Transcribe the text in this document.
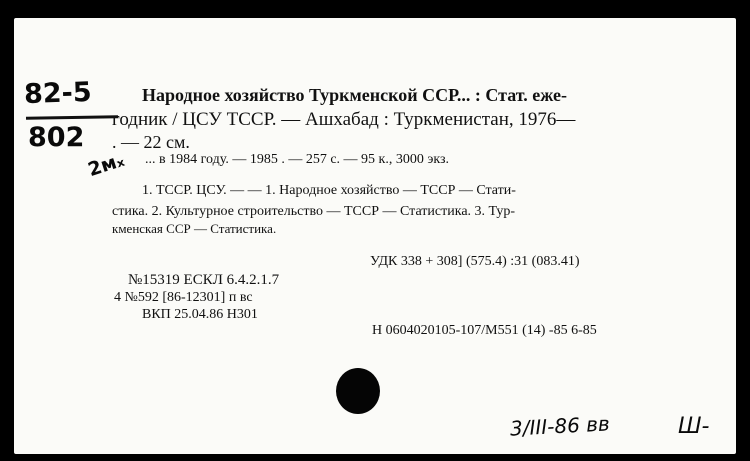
82-5
802
2ᴍₓ
Народное хозяйство Туркменской ССР... : Стат. еже-
годник / ЦСУ ТССР. — Ашхабад : Туркменистан, 1976—
. — 22 см.
... в 1984 году. — 1985 . — 257 с. — 95 к., 3000 экз.
1. ТССР. ЦСУ. — — 1. Народное хозяйство — ТССР — Стати-
стика. 2. Культурное строительство — ТССР — Статистика. 3. Тур-
кменская ССР — Статистика.
УДК 338 + 308] (575.4) :31 (083.41)
№15319 ЕСКЛ 6.4.2.1.7
4 №592 [86-12301] п вс
ВКП 25.04.86 Н301
Н 0604020105-107/М551 (14) -85 6-85
3/III-86 вв	Ш-
